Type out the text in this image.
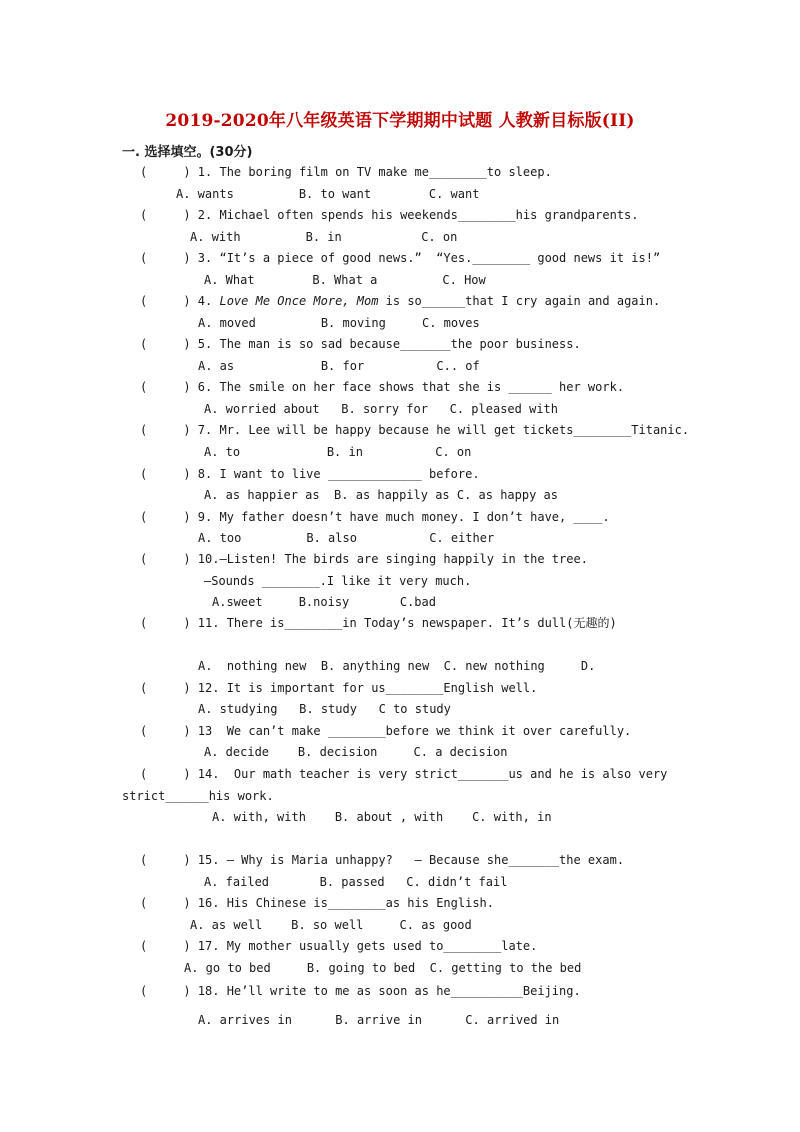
2019-2020年八年级英语下学期期中试题 人教新目标版(II)
一. 选择填空。(30分)
(     ) 1. The boring film on TV make me________to sleep.
A. wants         B. to want        C. want
(     ) 2. Michael often spends his weekends________his grandparents.
A. with         B. in           C. on
(     ) 3. “It’s a piece of good news.”  “Yes.________ good news it is!”
A. What        B. What a         C. How
(     ) 4. Love Me Once More, Mom is so______that I cry again and again.
A. moved         B. moving     C. moves
(     ) 5. The man is so sad because_______the poor business.
A. as            B. for          C.. of
(     ) 6. The smile on her face shows that she is ______ her work.
A. worried about   B. sorry for   C. pleased with
(     ) 7. Mr. Lee will be happy because he will get tickets________Titanic.
A. to            B. in          C. on
(     ) 8. I want to live _____________ before.
A. as happier as  B. as happily as C. as happy as
(     ) 9. My father doesn’t have much money. I don’t have, ____.
A. too         B. also          C. either
(     ) 10.—Listen! The birds are singing happily in the tree.
—Sounds ________.I like it very much.
A.sweet     B.noisy       C.bad
(     ) 11. There is________in Today’s newspaper. It’s dull(无趣的)
A.  nothing new  B. anything new  C. new nothing     D.
(     ) 12. It is important for us________English well.
A. studying   B. study   C to study
(     ) 13  We can’t make ________before we think it over carefully.
A. decide    B. decision     C. a decision
(     ) 14.  Our math teacher is very strict_______us and he is also very
strict______his work.
A. with, with    B. about , with    C. with, in
(     ) 15. — Why is Maria unhappy?   — Because she_______the exam.
A. failed       B. passed   C. didn’t fail
(     ) 16. His Chinese is________as his English.
A. as well    B. so well     C. as good
(     ) 17. My mother usually gets used to________late.
A. go to bed     B. going to bed  C. getting to the bed
(     ) 18. He’ll write to me as soon as he__________Beijing.
A. arrives in      B. arrive in      C. arrived in
